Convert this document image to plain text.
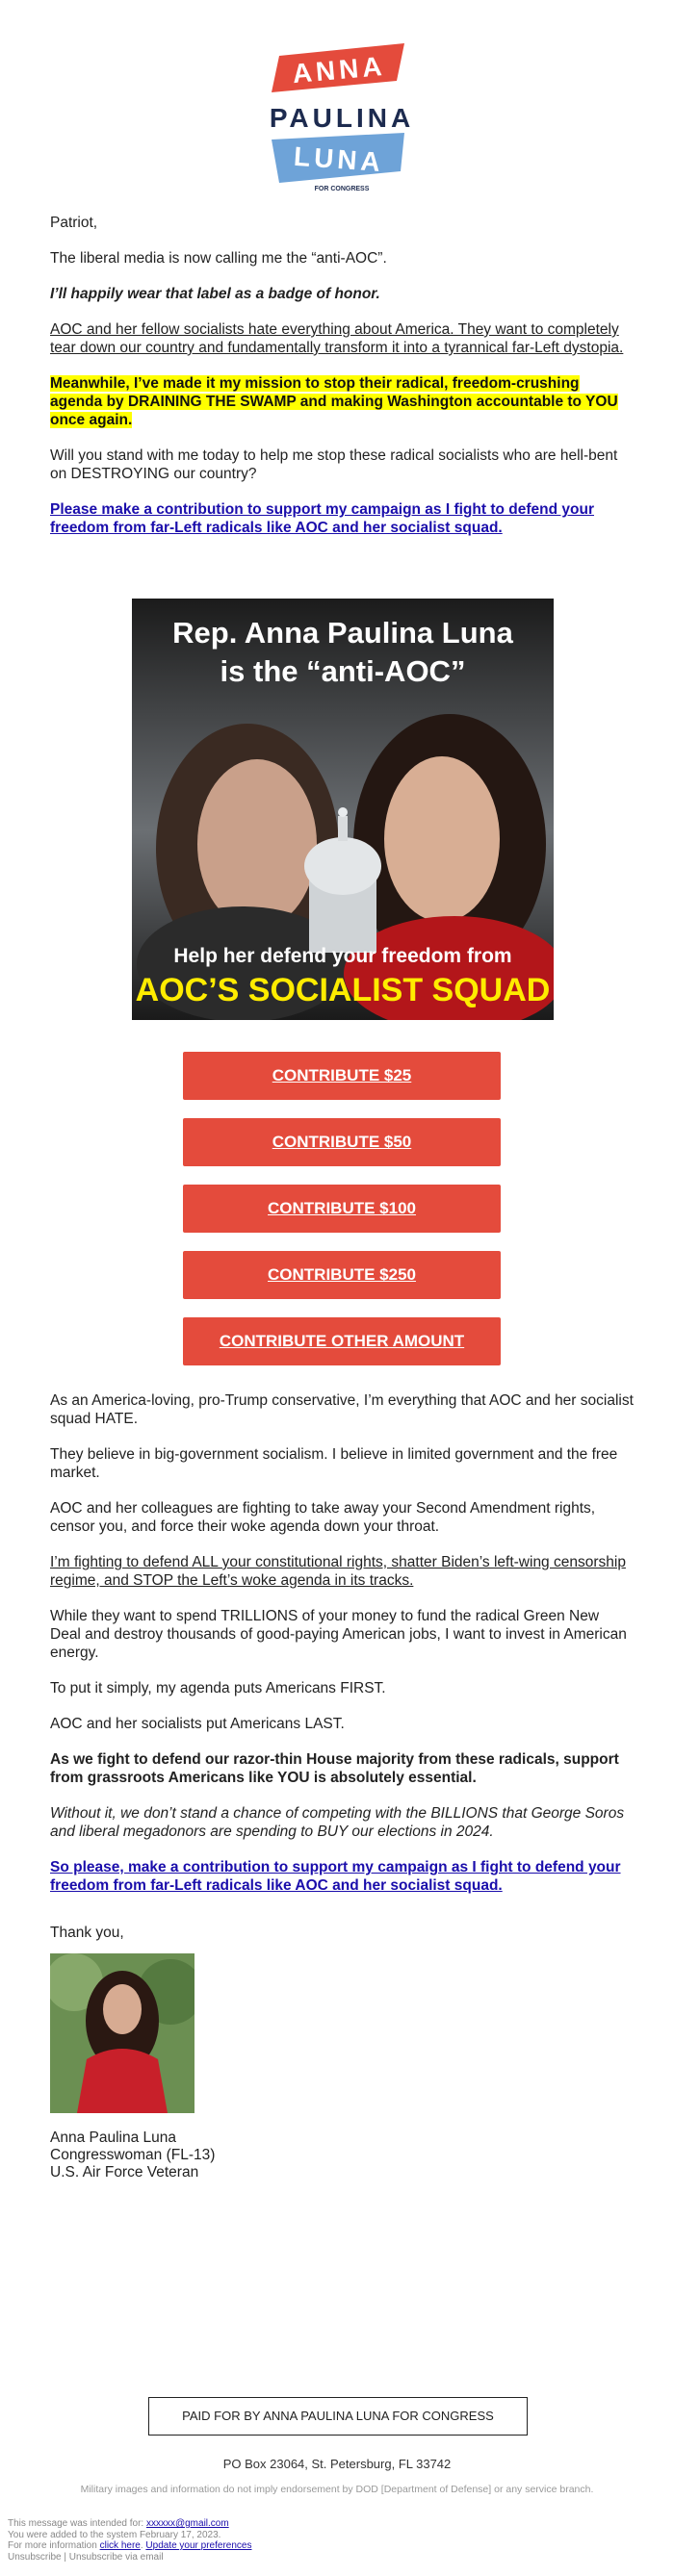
ANNA
PAULINA
LUNA
FOR CONGRESS

Patriot,

The liberal media is now calling me the “anti-AOC”.

I’ll happily wear that label as a badge of honor.

AOC and her fellow socialists hate everything about America. They want to completely tear down our country and fundamentally transform it into a tyrannical far-Left dystopia.

Meanwhile, I’ve made it my mission to stop their radical, freedom-crushing agenda by DRAINING THE SWAMP and making Washington accountable to YOU once again.

Will you stand with me today to help me stop these radical socialists who are hell-bent on DESTROYING our country?

Please make a contribution to support my campaign as I fight to defend your freedom from far-Left radicals like AOC and her socialist squad.

Rep. Anna Paulina Luna
is the “anti-AOC”
Help her defend your freedom from
AOC’S SOCIALIST SQUAD
CONTRIBUTE $25
CONTRIBUTE $50
CONTRIBUTE $100
CONTRIBUTE $250
CONTRIBUTE OTHER AMOUNT

As an America-loving, pro-Trump conservative, I’m everything that AOC and her socialist squad HATE.

They believe in big-government socialism. I believe in limited government and the free market.

AOC and her colleagues are fighting to take away your Second Amendment rights, censor you, and force their woke agenda down your throat.

I’m fighting to defend ALL your constitutional rights, shatter Biden’s left-wing censorship regime, and STOP the Left’s woke agenda in its tracks.

While they want to spend TRILLIONS of your money to fund the radical Green New Deal and destroy thousands of good-paying American jobs, I want to invest in American energy.

To put it simply, my agenda puts Americans FIRST.

AOC and her socialists put Americans LAST.

As we fight to defend our razor-thin House majority from these radicals, support from grassroots Americans like YOU is absolutely essential.

Without it, we don’t stand a chance of competing with the BILLIONS that George Soros and liberal megadonors are spending to BUY our elections in 2024.

So please, make a contribution to support my campaign as I fight to defend your freedom from far-Left radicals like AOC and her socialist squad.

Thank you,

Anna Paulina Luna
Congresswoman (FL-13)
U.S. Air Force Veteran
PAID FOR BY ANNA PAULINA LUNA FOR CONGRESS
PO Box 23064, St. Petersburg, FL 33742
Military images and information do not imply endorsement by DOD [Department of Defense] or any service branch.
This message was intended for: xxxxxx@gmail.com
You were added to the system February 17, 2023.
For more information click here. Update your preferences
Unsubscribe | Unsubscribe via email
